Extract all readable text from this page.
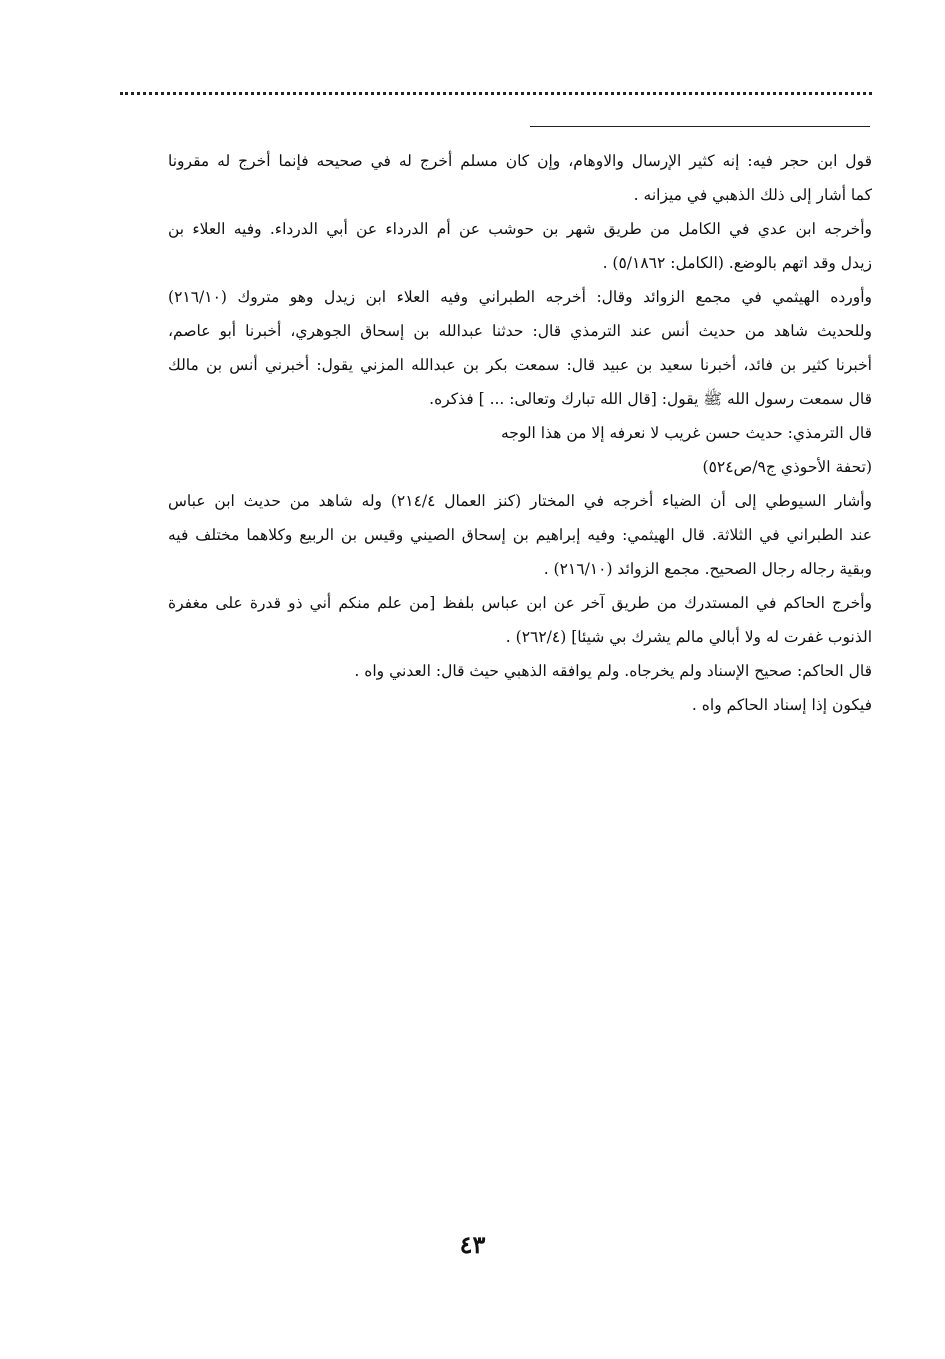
قول ابن حجر فيه: إنه كثير الإرسال والاوهام، وإن كان مسلم أخرج له في صحيحه فإنما أخرج له مقرونا
كما أشار إلى ذلك الذهبي في ميزانه .
وأخرجه ابن عدي في الكامل من طريق شهر بن حوشب عن أم الدرداء عن أبي الدرداء. وفيه العلاء بن
زيدل وقد اتهم بالوضع. (الكامل: ٥/١٨٦٢) .
وأورده الهيثمي في مجمع الزوائد وقال: أخرجه الطبراني وفيه العلاء ابن زيدل وهو متروك (٢١٦/١٠)
وللحديث شاهد من حديث أنس عند الترمذي قال: حدثنا عبدالله بن إسحاق الجوهري، أخبرنا أبو عاصم،
أخبرنا كثير بن فائد، أخبرنا سعيد بن عبيد قال: سمعت بكر بن عبدالله المزني يقول: أخبرني أنس بن مالك
قال سمعت رسول الله ﷺ يقول: [قال الله تبارك وتعالى: ... ] فذكره.
قال الترمذي: حديث حسن غريب لا نعرفه إلا من هذا الوجه
(تحفة الأحوذي ج٩/ص٥٢٤)
وأشار السيوطي إلى أن الضياء أخرجه في المختار (كنز العمال ٢١٤/٤) وله شاهد من حديث ابن عباس
عند الطبراني في الثلاثة. قال الهيثمي: وفيه إبراهيم بن إسحاق الصيني وقيس بن الربيع وكلاهما مختلف فيه
وبقية رجاله رجال الصحيح. مجمع الزوائد (٢١٦/١٠) .
وأخرج الحاكم في المستدرك من طريق آخر عن ابن عباس بلفظ [من علم منكم أني ذو قدرة على مغفرة
الذنوب غفرت له ولا أبالي مالم يشرك بي شيئا] (٢٦٢/٤) .
قال الحاكم: صحيح الإسناد ولم يخرجاه. ولم يوافقه الذهبي حيث قال: العدني واه .
فيكون إذا إسناد الحاكم واه .
٤٣
